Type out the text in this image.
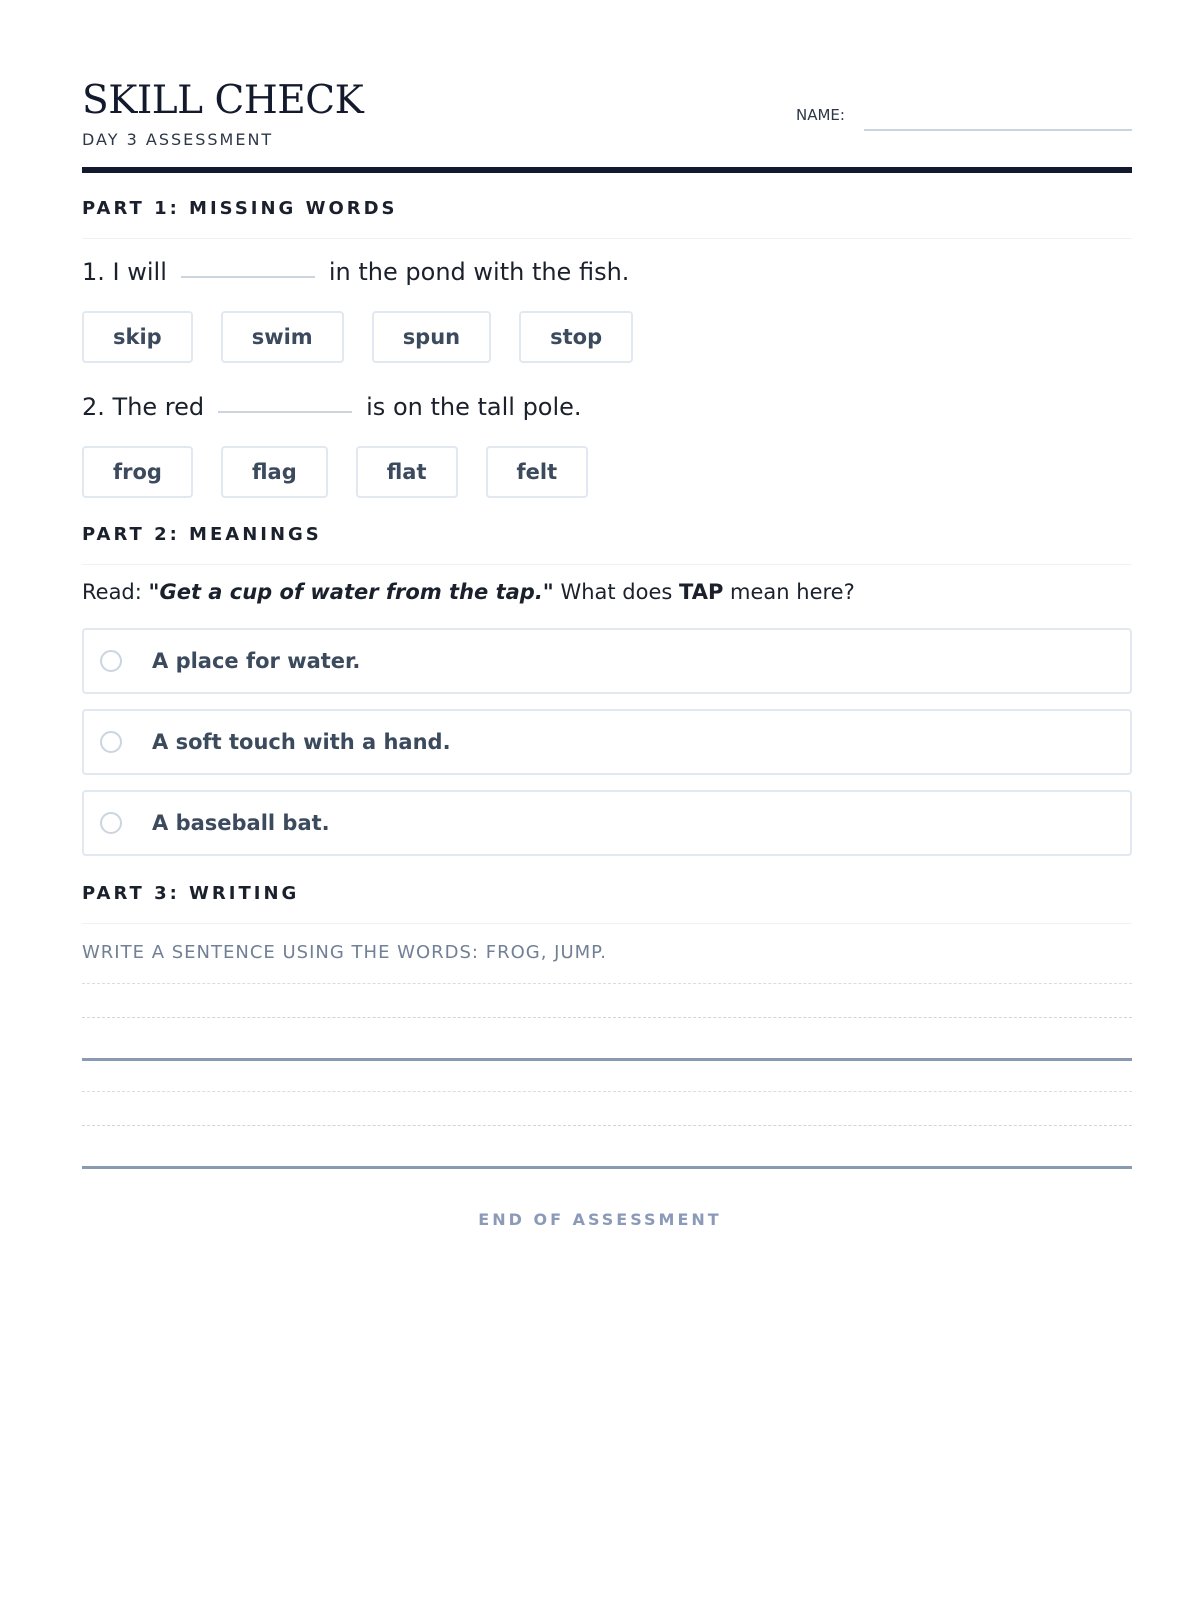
SKILL CHECK
DAY 3 ASSESSMENT
NAME:
PART 1: MISSING WORDS
1. I will	in the pond with the fish.
skip	swim	spun	stop
2. The red	is on the tall pole.
frog	flag	flat	felt
PART 2: MEANINGS
Read: "Get a cup of water from the tap." What does TAP mean here?
A place for water.
A soft touch with a hand.
A baseball bat.
PART 3: WRITING
WRITE A SENTENCE USING THE WORDS: FROG, JUMP.
END OF ASSESSMENT
